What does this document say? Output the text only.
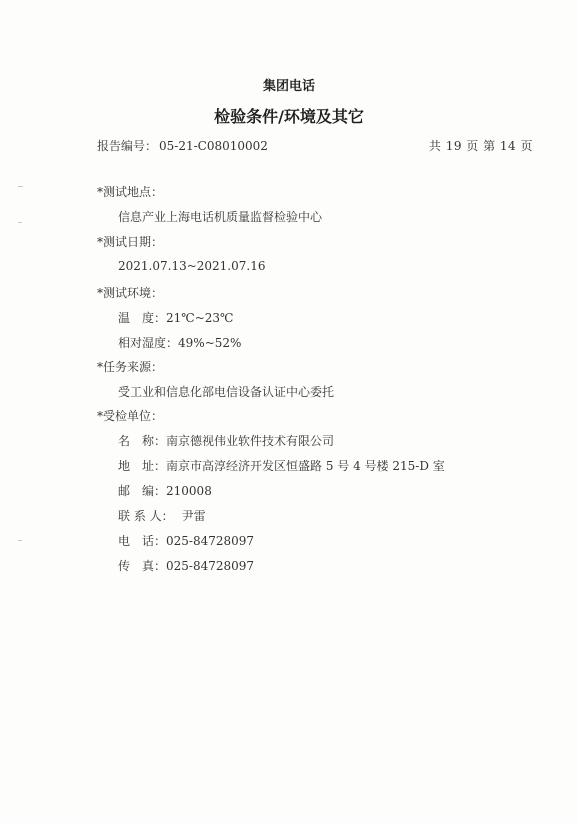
集团电话
检验条件/环境及其它
报告编号： 05-21-C08010002	共 19 页 第 14 页
*测试地点：
信息产业上海电话机质量监督检验中心
*测试日期：
2021.07.13~2021.07.16
*测试环境：
温　度：21℃~23℃
相对湿度：49%~52%
*任务来源：
受工业和信息化部电信设备认证中心委托
*受检单位：
名　称：南京德视伟业软件技术有限公司
地　址：南京市高淳经济开发区恒盛路 5 号 4 号楼 215-D 室
邮　编：210008
联 系 人： 尹雷
电　话：025-84728097
传　真：025-84728097
